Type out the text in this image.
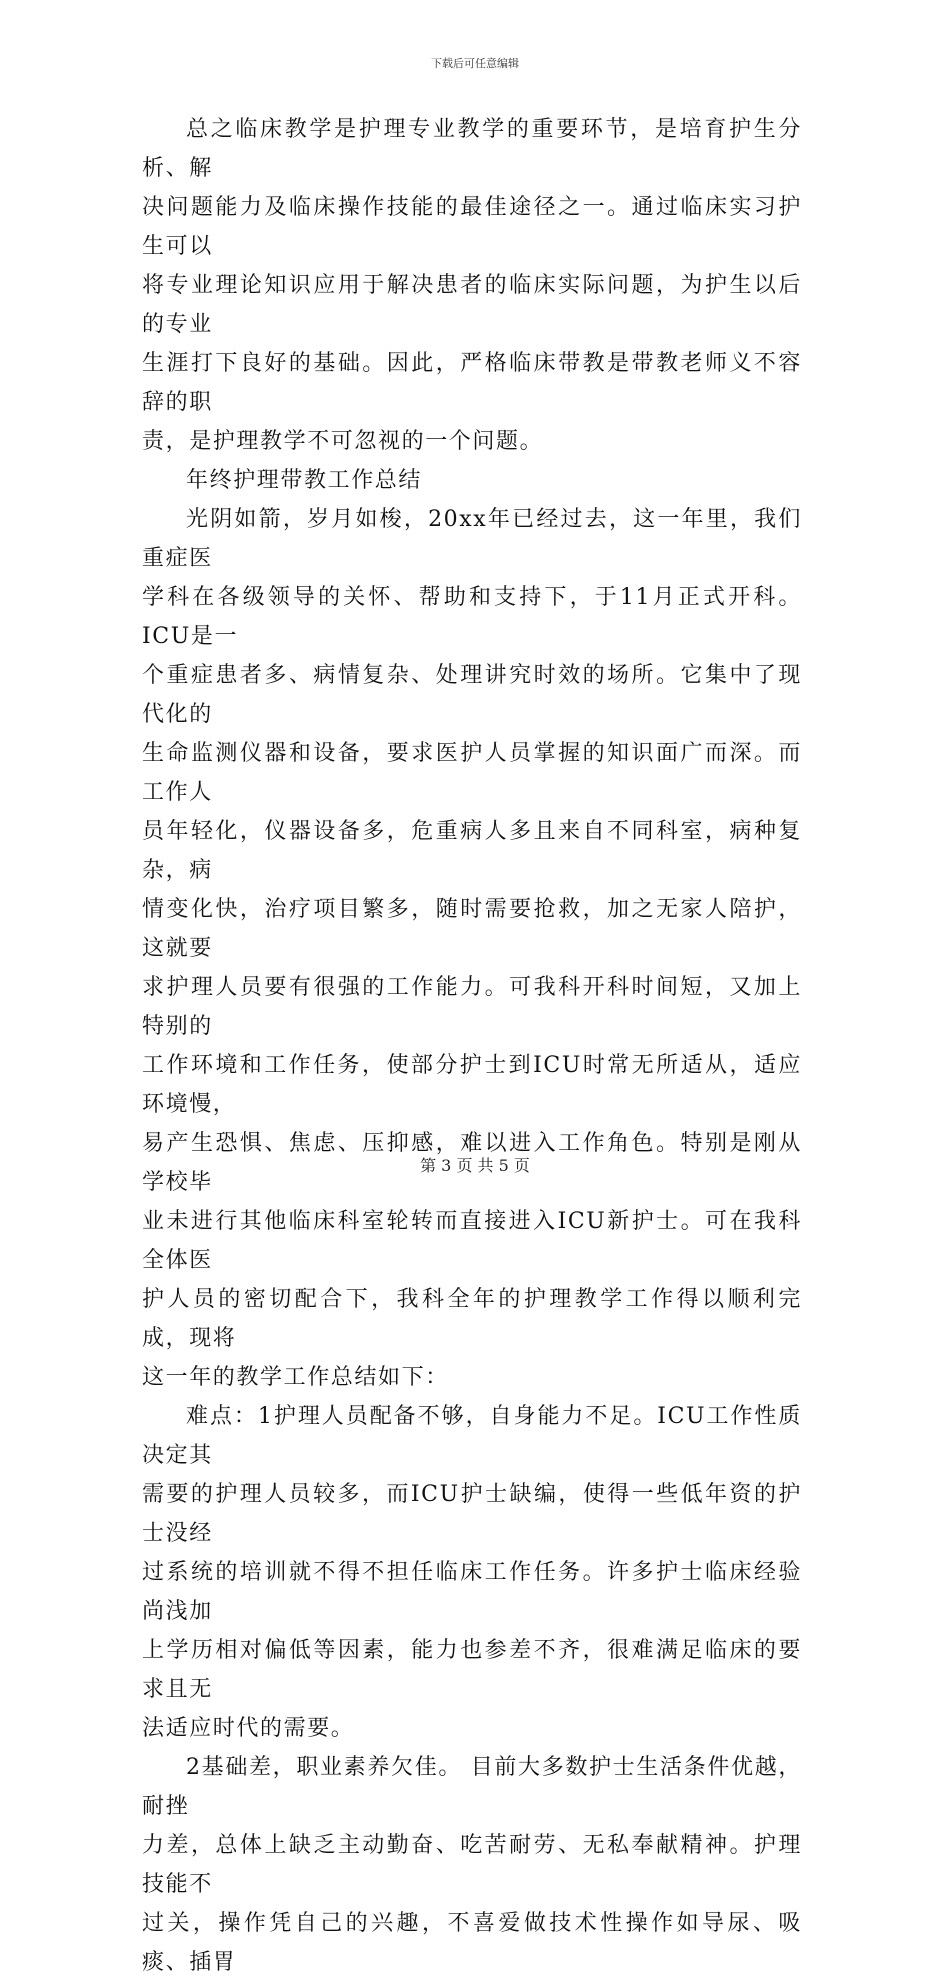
下载后可任意编辑

总之临床教学是护理专业教学的重要环节，是培育护生分析、解
决问题能力及临床操作技能的最佳途径之一。通过临床实习护生可以
将专业理论知识应用于解决患者的临床实际问题，为护生以后的专业
生涯打下良好的基础。因此，严格临床带教是带教老师义不容辞的职
责，是护理教学不可忽视的一个问题。

年终护理带教工作总结

光阴如箭，岁月如梭，20xx年已经过去，这一年里，我们重症医
学科在各级领导的关怀、帮助和支持下，于11月正式开科。ICU是一
个重症患者多、病情复杂、处理讲究时效的场所。它集中了现代化的
生命监测仪器和设备，要求医护人员掌握的知识面广而深。而工作人
员年轻化，仪器设备多，危重病人多且来自不同科室，病种复杂，病
情变化快，治疗项目繁多，随时需要抢救，加之无家人陪护，这就要
求护理人员要有很强的工作能力。可我科开科时间短，又加上特别的
工作环境和工作任务，使部分护士到ICU时常无所适从，适应环境慢，
易产生恐惧、焦虑、压抑感，难以进入工作角色。特别是刚从学校毕
业未进行其他临床科室轮转而直接进入ICU新护士。可在我科全体医
护人员的密切配合下，我科全年的护理教学工作得以顺利完成，现将
这一年的教学工作总结如下：

难点：1护理人员配备不够，自身能力不足。ICU工作性质决定其
需要的护理人员较多，而ICU护士缺编，使得一些低年资的护士没经
过系统的培训就不得不担任临床工作任务。许多护士临床经验尚浅加
上学历相对偏低等因素，能力也参差不齐，很难满足临床的要求且无
法适应时代的需要。

2基础差，职业素养欠佳。 目前大多数护士生活条件优越，耐挫
力差，总体上缺乏主动勤奋、吃苦耐劳、无私奉献精神。护理技能不
过关，操作凭自己的兴趣，不喜爱做技术性操作如导尿、吸痰、插胃

第 3 页 共 5 页
